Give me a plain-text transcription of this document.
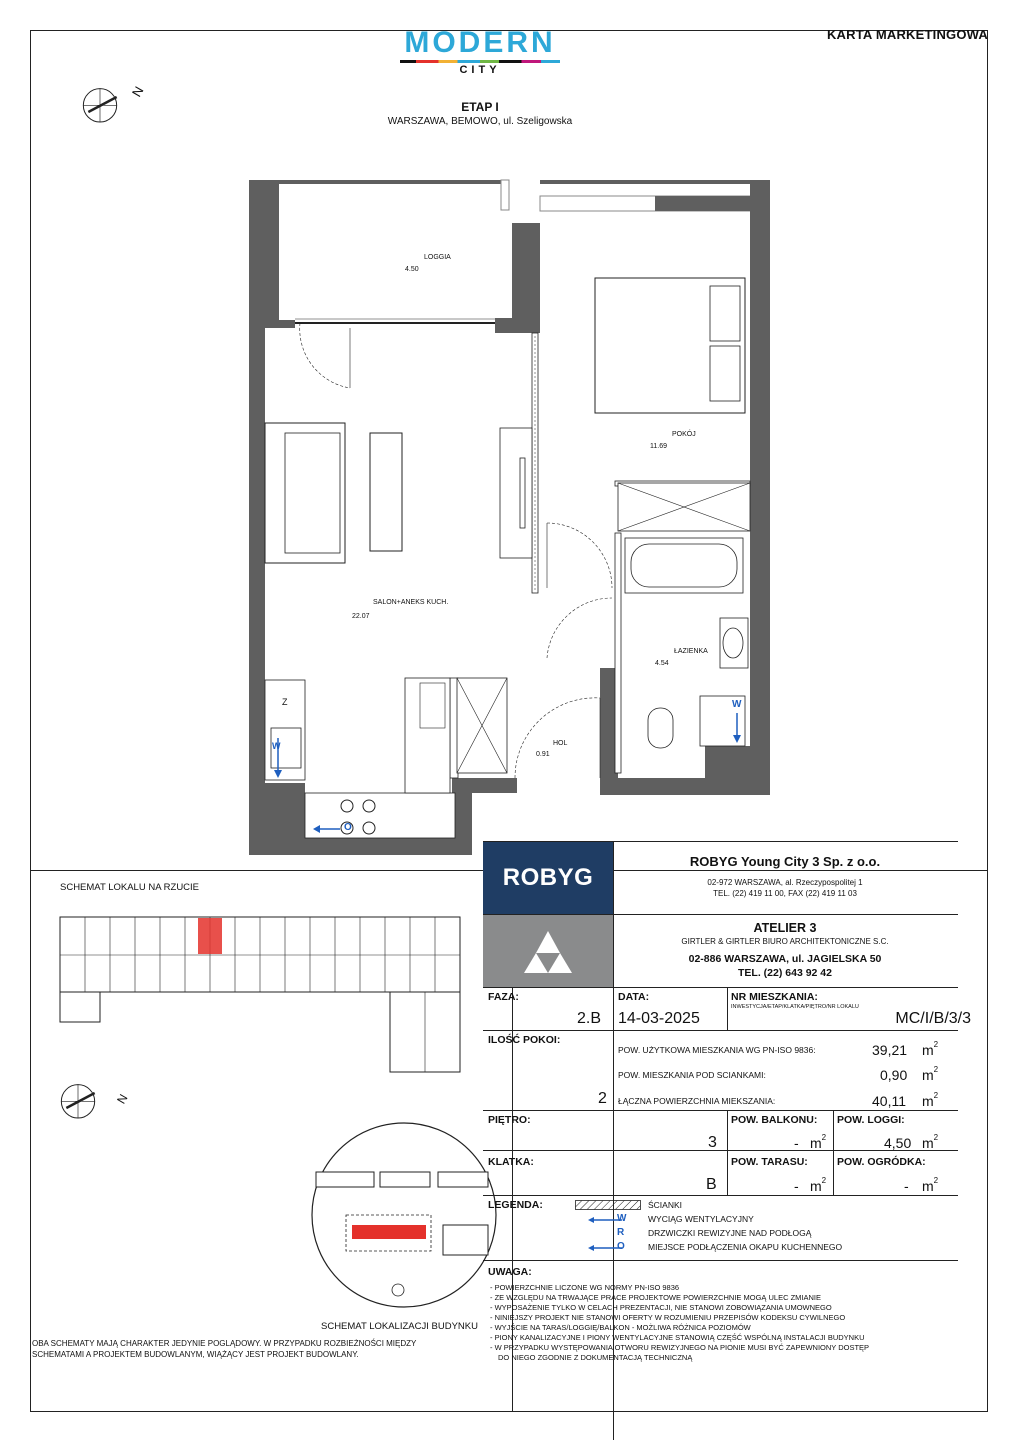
KARTA MARKETINGOWA
MODERN
CITY
ETAP I
WARSZAWA, BEMOWO, ul. Szeligowska
N
LOGGIA
4.50
POKÓJ
11.69
SALON+ANEKS KUCH.
22.07
ŁAZIENKA
4.54
HOL
0.91
Z
W
W
O
SCHEMAT LOKALU NA RZUCIE
N
SCHEMAT LOKALIZACJI BUDYNKU
OBA SCHEMATY MAJĄ CHARAKTER JEDYNIE POGLĄDOWY. W PRZYPADKU ROZBIEŻNOŚCI MIĘDZY SCHEMATAMI A PROJEKTEM BUDOWLANYM, WIĄŻĄCY JEST PROJEKT BUDOWLANY.
ROBYG
ROBYG Young City 3 Sp. z o.o.
02-972 WARSZAWA, al. Rzeczypospolitej 1
TEL. (22) 419 11 00, FAX (22) 419 11 03
ATELIER 3
GIRTLER & GIRTLER BIURO ARCHITEKTONICZNE S.C.
02-886 WARSZAWA, ul. JAGIELSKA 50
TEL. (22) 643 92 42
FAZA:
2.B
DATA:
14-03-2025
NR MIESZKANIA:
INWESTYCJA/ETAP/KLATKA/PIĘTRO/NR LOKALU
MC/I/B/3/3
ILOŚĆ POKOI:
2
POW. UŻYTKOWA MIESZKANIA WG PN-ISO 9836:	39,21 $m^2$
POW. MIESZKANIA POD SCIANKAMI:	0,90 $m^2$
ŁĄCZNA POWIERZCHNIA MIEKSZANIA:	40,11 $m^2$
PIĘTRO:
3
POW. BALKONU:
- $m^2$
POW. LOGGI:
4,50 $m^2$
KLATKA:
B
POW. TARASU:
- $m^2$
POW. OGRÓDKA:
- $m^2$
LEGENDA:	ŚCIANKI
W	WYCIĄG WENTYLACYJNY
R	DRZWICZKI REWIZYJNE NAD PODŁOGĄ
O	MIEJSCE PODŁĄCZENIA OKAPU KUCHENNEGO
UWAGA:
- POWIERZCHNIE LICZONE WG NORMY PN-ISO 9836
- ZE WZGLĘDU NA TRWAJĄCE PRACE PROJEKTOWE POWIERZCHNIE MOGĄ ULEC ZMIANIE
- WYPOSAŻENIE TYLKO W CELACH PREZENTACJI, NIE STANOWI ZOBOWIĄZANIA UMOWNEGO
- NINIEJSZY PROJEKT NIE STANOWI OFERTY W ROZUMIENIU PRZEPISÓW KODEKSU CYWILNEGO
- WYJŚCIE NA TARAS/LOGGIĘ/BALKON - MOŻLIWA RÓŻNICA POZIOMÓW
- PIONY KANALIZACYJNE I PIONY WENTYLACYJNE STANOWIĄ CZĘŚĆ WSPÓLNĄ INSTALACJI BUDYNKU
- W PRZYPADKU WYSTĘPOWANIA OTWORU REWIZYJNEGO NA PIONIE MUSI BYĆ ZAPEWNIONY DOSTĘP
DO NIEGO ZGODNIE Z DOKUMENTACJĄ TECHNICZNĄ
